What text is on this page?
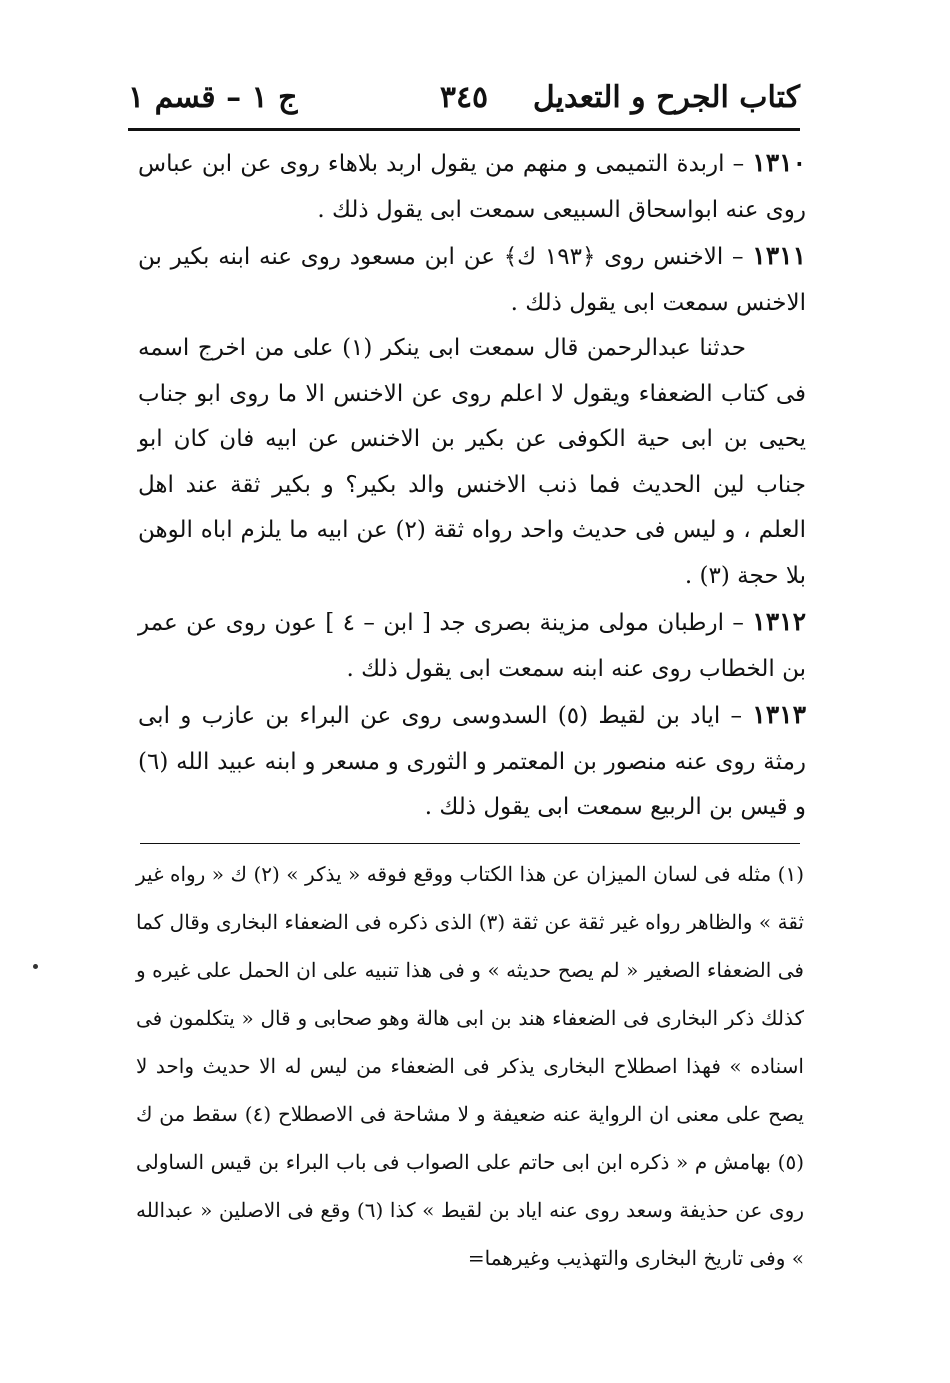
كتاب الجرح و التعديل
٣٤٥
ج ١ – قسم ١

١٣١٠ – اربدة التميمى و منهم من يقول اربد بلاهاء روى عن ابن عباس روى عنه ابواسحاق السبيعى سمعت ابى يقول ذلك .

١٣١١ – الاخنس روى ﴿١٩٣ ك﴾ عن ابن مسعود روى عنه ابنه بكير بن الاخنس سمعت ابى يقول ذلك .

حدثنا عبدالرحمن قال سمعت ابى ينكر (١) على من اخرج اسمه فى كتاب الضعفاء ويقول لا اعلم روى عن الاخنس الا ما روى ابو جناب يحيى بن ابى حية الكوفى عن بكير بن الاخنس عن ابيه فان كان ابو جناب لين الحديث فما ذنب الاخنس والد بكير؟ و بكير ثقة عند اهل العلم ، و ليس فى حديث واحد رواه ثقة (٢) عن ابيه ما يلزم اباه الوهن بلا حجة (٣) .

١٣١٢ – ارطبان مولى مزينة بصرى جد [ ابن – ٤ ] عون روى عن عمر بن الخطاب روى عنه ابنه سمعت ابى يقول ذلك .

١٣١٣ – اياد بن لقيط (٥) السدوسى روى عن البراء بن عازب و ابى رمثة روى عنه منصور بن المعتمر و الثورى و مسعر و ابنه عبيد الله (٦) و قيس بن الربيع سمعت ابى يقول ذلك .

(١) مثله فى لسان الميزان عن هذا الكتاب ووقع فوقه « يذكر » (٢) ك « رواه غير ثقة » والظاهر رواه غير ثقة عن ثقة (٣) الذى ذكره فى الضعفاء البخارى وقال كما فى الضعفاء الصغير « لم يصح حديثه » و فى هذا تنبيه على ان الحمل على غيره و كذلك ذكر البخارى فى الضعفاء هند بن ابى هالة وهو صحابى و قال « يتكلمون فى اسناده » فهذا اصطلاح البخارى يذكر فى الضعفاء من ليس له الا حديث واحد لا يصح على معنى ان الرواية عنه ضعيفة و لا مشاحة فى الاصطلاح (٤) سقط من ك (٥) بهامش م « ذكره ابن ابى حاتم على الصواب فى باب البراء بن قيس الساولى روى عن حذيفة وسعد روى عنه اياد بن لقيط » كذا (٦) وقع فى الاصلين « عبدالله » وفى تاريخ البخارى والتهذيب وغيرهما=
